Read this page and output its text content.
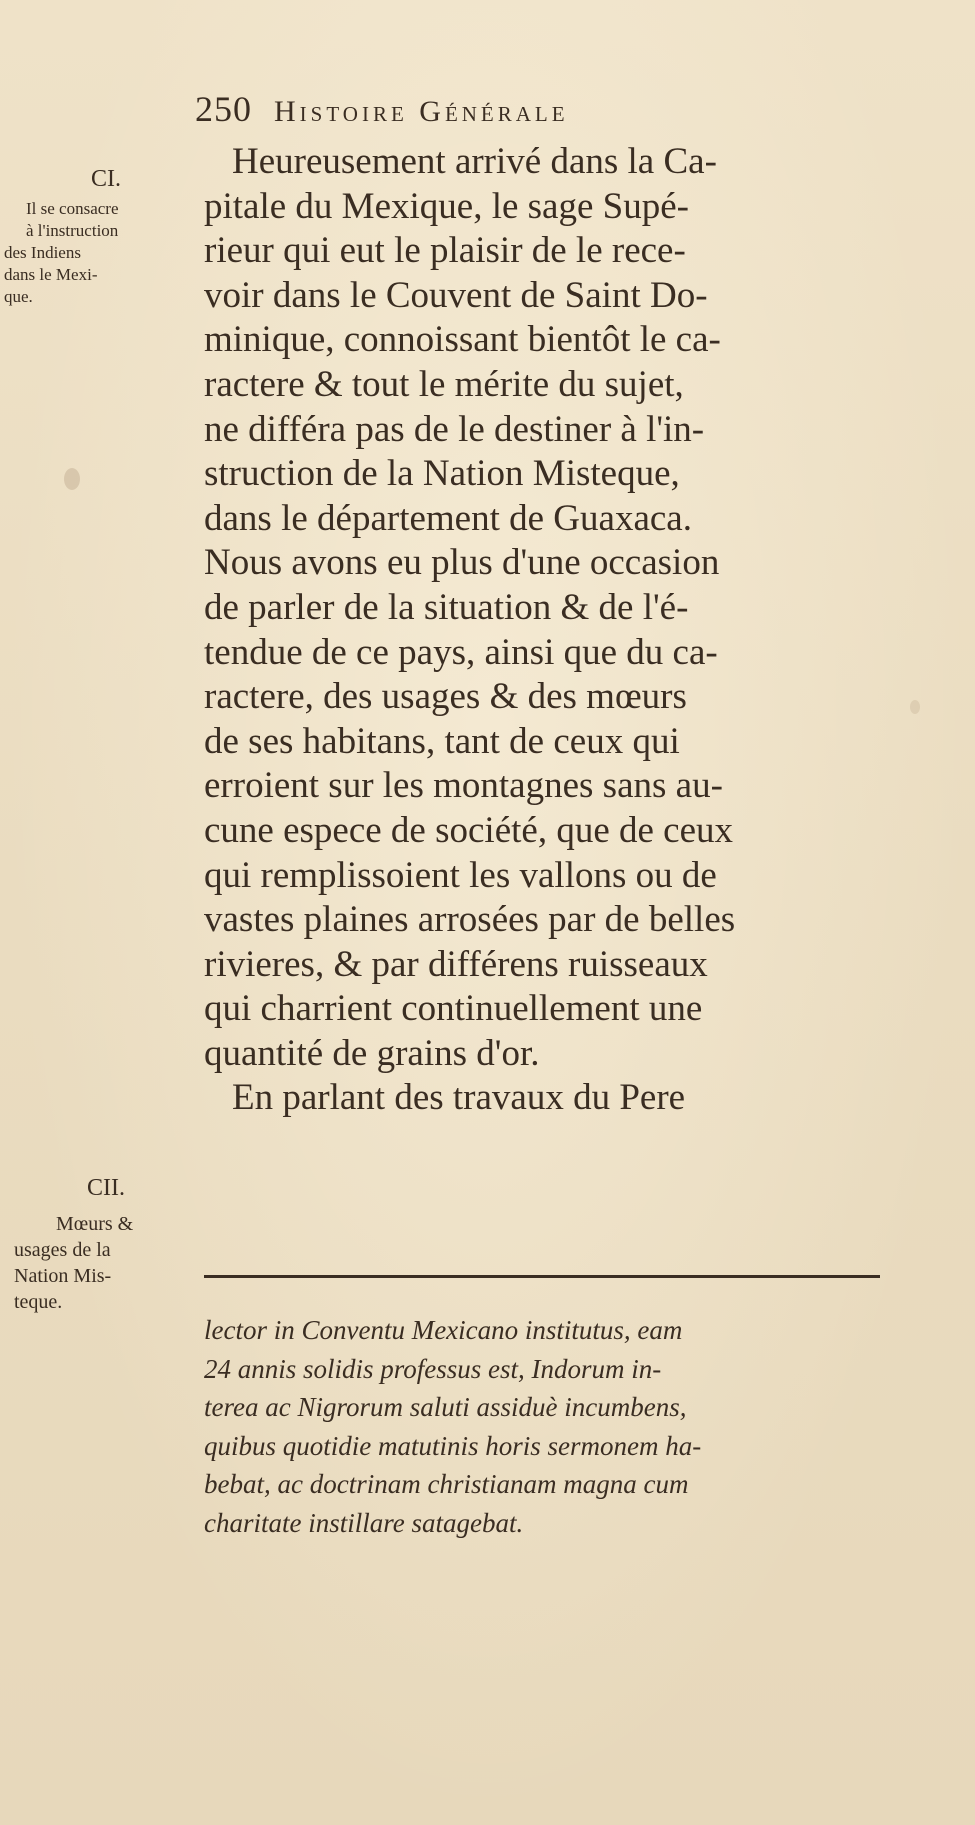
250 Histoire Générale
CI.
Il se consacre
à l'instruction
des Indiens
dans le Mexi-
que.
CII.
Mœurs &
usages de la
Nation Mis-
teque.
Heureusement arrivé dans la Ca-
pitale du Mexique, le sage Supé-
rieur qui eut le plaisir de le rece-
voir dans le Couvent de Saint Do-
minique, connoissant bientôt le ca-
ractere & tout le mérite du sujet,
ne différa pas de le destiner à l'in-
struction de la Nation Misteque,
dans le département de Guaxaca.
Nous avons eu plus d'une occasion
de parler de la situation & de l'é-
tendue de ce pays, ainsi que du ca-
ractere, des usages & des mœurs
de ses habitans, tant de ceux qui
erroient sur les montagnes sans au-
cune espece de société, que de ceux
qui remplissoient les vallons ou de
vastes plaines arrosées par de belles
rivieres, & par différens ruisseaux
qui charrient continuellement une
quantité de grains d'or.
En parlant des travaux du Pere
lector in Conventu Mexicano institutus, eam
24 annis solidis professus est, Indorum in-
terea ac Nigrorum saluti assiduè incumbens,
quibus quotidie matutinis horis sermonem ha-
bebat, ac doctrinam christianam magna cum
charitate instillare satagebat.
